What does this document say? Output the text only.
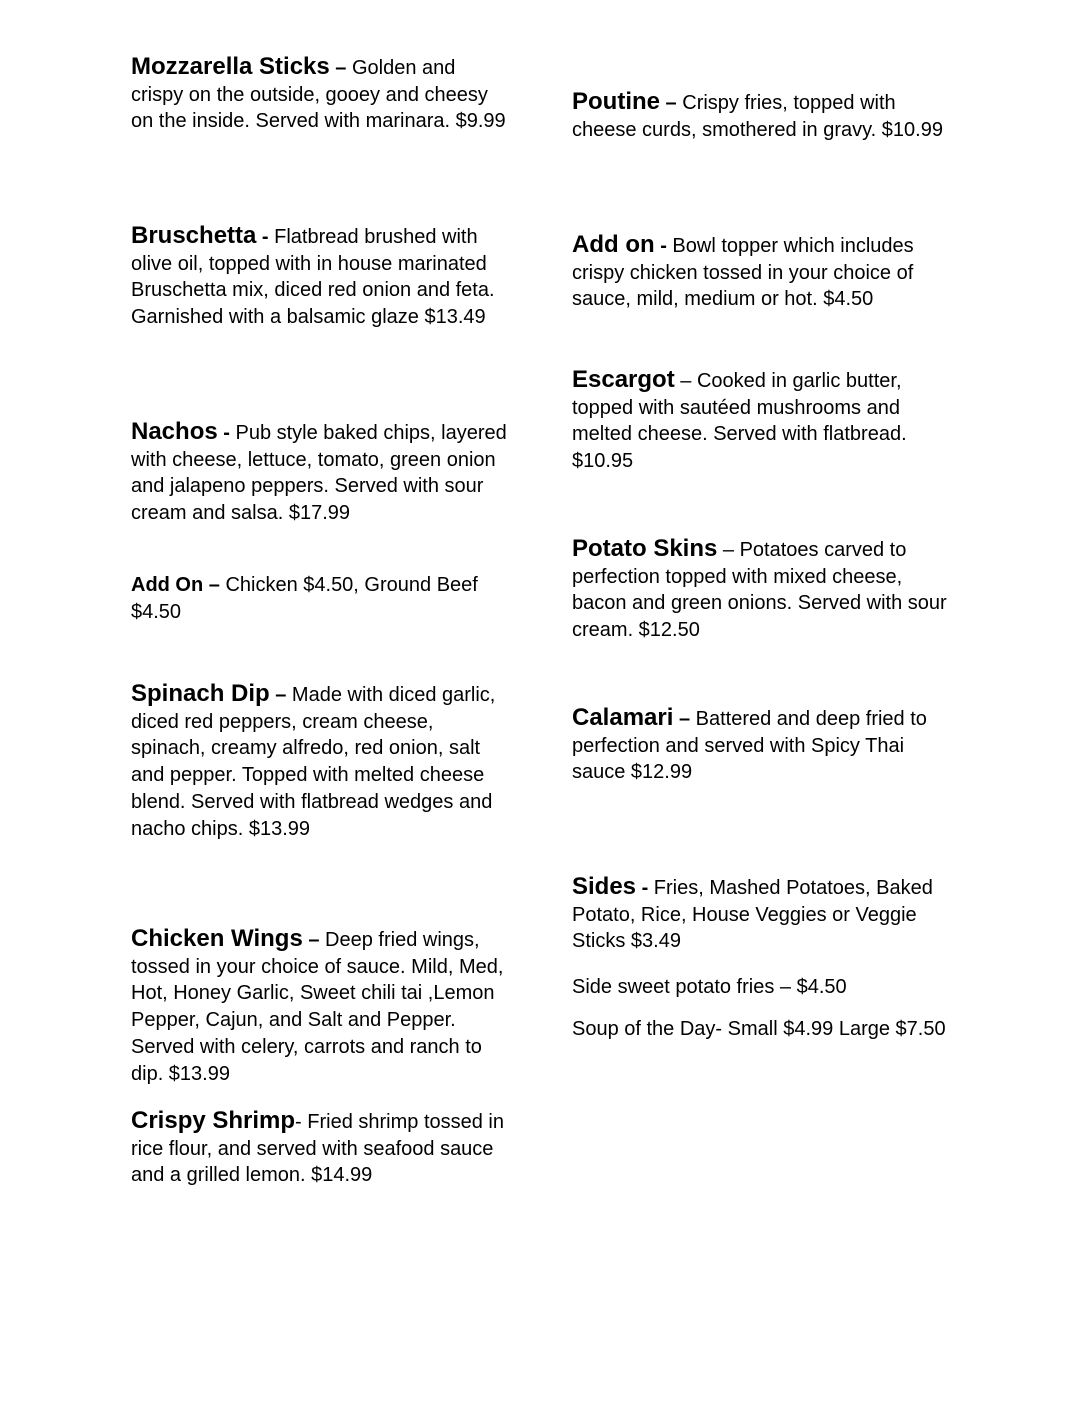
Mozzarella Sticks – Golden and crispy on the outside, gooey and cheesy on the inside. Served with marinara. $9.99
Bruschetta - Flatbread brushed with olive oil, topped with in house marinated Bruschetta mix, diced red onion and feta. Garnished with a balsamic glaze $13.49
Nachos - Pub style baked chips, layered with cheese, lettuce, tomato, green onion and jalapeno peppers. Served with sour cream and salsa. $17.99
Add On – Chicken $4.50, Ground Beef $4.50
Spinach Dip – Made with diced garlic, diced red peppers, cream cheese, spinach, creamy alfredo, red onion, salt and pepper. Topped with melted cheese blend. Served with flatbread wedges and nacho chips. $13.99
Chicken Wings – Deep fried wings, tossed in your choice of sauce. Mild, Med, Hot, Honey Garlic, Sweet chili tai ,Lemon Pepper, Cajun, and Salt and Pepper. Served with celery, carrots and ranch to dip. $13.99
Crispy Shrimp- Fried shrimp tossed in rice flour, and served with seafood sauce and a grilled lemon. $14.99
Poutine – Crispy fries, topped with cheese curds, smothered in gravy. $10.99
Add on - Bowl topper which includes crispy chicken tossed in your choice of sauce, mild, medium or hot. $4.50
Escargot – Cooked in garlic butter, topped with sautéed mushrooms and melted cheese. Served with flatbread. $10.95
Potato Skins – Potatoes carved to perfection topped with mixed cheese, bacon and green onions. Served with sour cream. $12.50
Calamari – Battered and deep fried to perfection and served with Spicy Thai sauce $12.99
Sides - Fries, Mashed Potatoes, Baked Potato, Rice, House Veggies or Veggie Sticks $3.49
Side sweet potato fries – $4.50
Soup of the Day- Small $4.99 Large $7.50
